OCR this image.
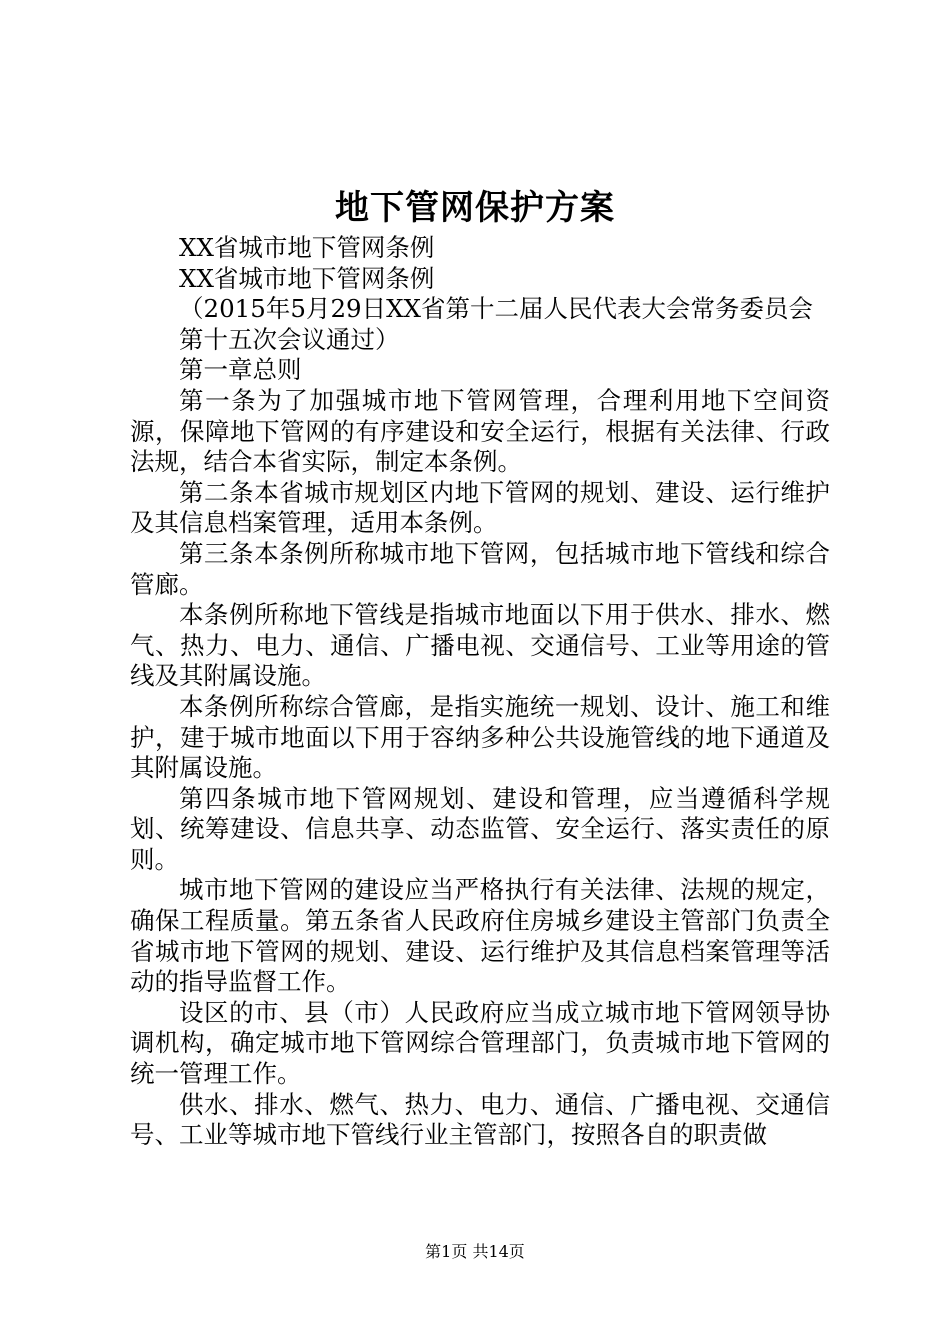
地下管网保护方案

XX省城市地下管网条例

XX省城市地下管网条例

（2015年5月29日XX省第十二届人民代表大会常务委员会

第十五次会议通过）

第一章总则

第一条为了加强城市地下管网管理，合理利用地下空间资源，保障地下管网的有序建设和安全运行，根据有关法律、行政法规，结合本省实际，制定本条例。

第二条本省城市规划区内地下管网的规划、建设、运行维护及其信息档案管理，适用本条例。

第三条本条例所称城市地下管网，包括城市地下管线和综合管廊。

本条例所称地下管线是指城市地面以下用于供水、排水、燃气、热力、电力、通信、广播电视、交通信号、工业等用途的管线及其附属设施。

本条例所称综合管廊，是指实施统一规划、设计、施工和维护，建于城市地面以下用于容纳多种公共设施管线的地下通道及其附属设施。

第四条城市地下管网规划、建设和管理，应当遵循科学规划、统筹建设、信息共享、动态监管、安全运行、落实责任的原则。

城市地下管网的建设应当严格执行有关法律、法规的规定，确保工程质量。第五条省人民政府住房城乡建设主管部门负责全省城市地下管网的规划、建设、运行维护及其信息档案管理等活动的指导监督工作。

设区的市、县（市）人民政府应当成立城市地下管网领导协调机构，确定城市地下管网综合管理部门，负责城市地下管网的统一管理工作。

供水、排水、燃气、热力、电力、通信、广播电视、交通信号、工业等城市地下管线行业主管部门，按照各自的职责做

第1页 共14页
